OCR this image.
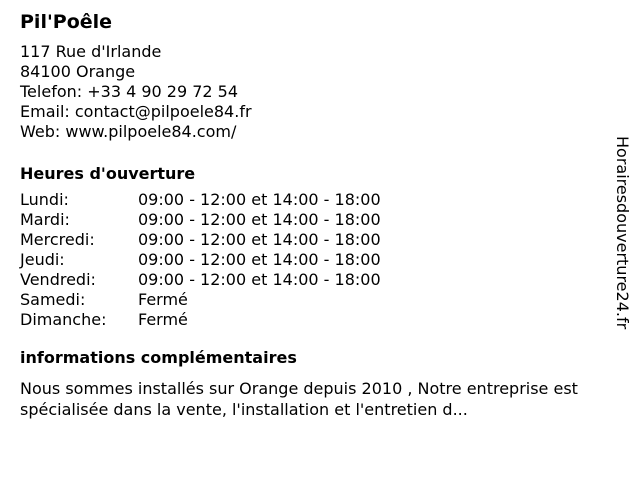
Pil'Poêle

117 Rue d'Irlande

84100 Orange

Telefon: +33 4 90 29 72 54

Email: contact@pilpoele84.fr

Web: www.pilpoele84.com/

Heures d'ouverture
Lundi:	09:00 - 12:00 et 14:00 - 18:00
Mardi:	09:00 - 12:00 et 14:00 - 18:00
Mercredi:	09:00 - 12:00 et 14:00 - 18:00
Jeudi:	09:00 - 12:00 et 14:00 - 18:00
Vendredi:	09:00 - 12:00 et 14:00 - 18:00
Samedi:	Fermé
Dimanche:	Fermé
informations complémentaires

Nous sommes installés sur Orange depuis 2010 , Notre entreprise est spécialisée dans la vente, l'installation et l'entretien d...

Horairesdouverture24.fr
